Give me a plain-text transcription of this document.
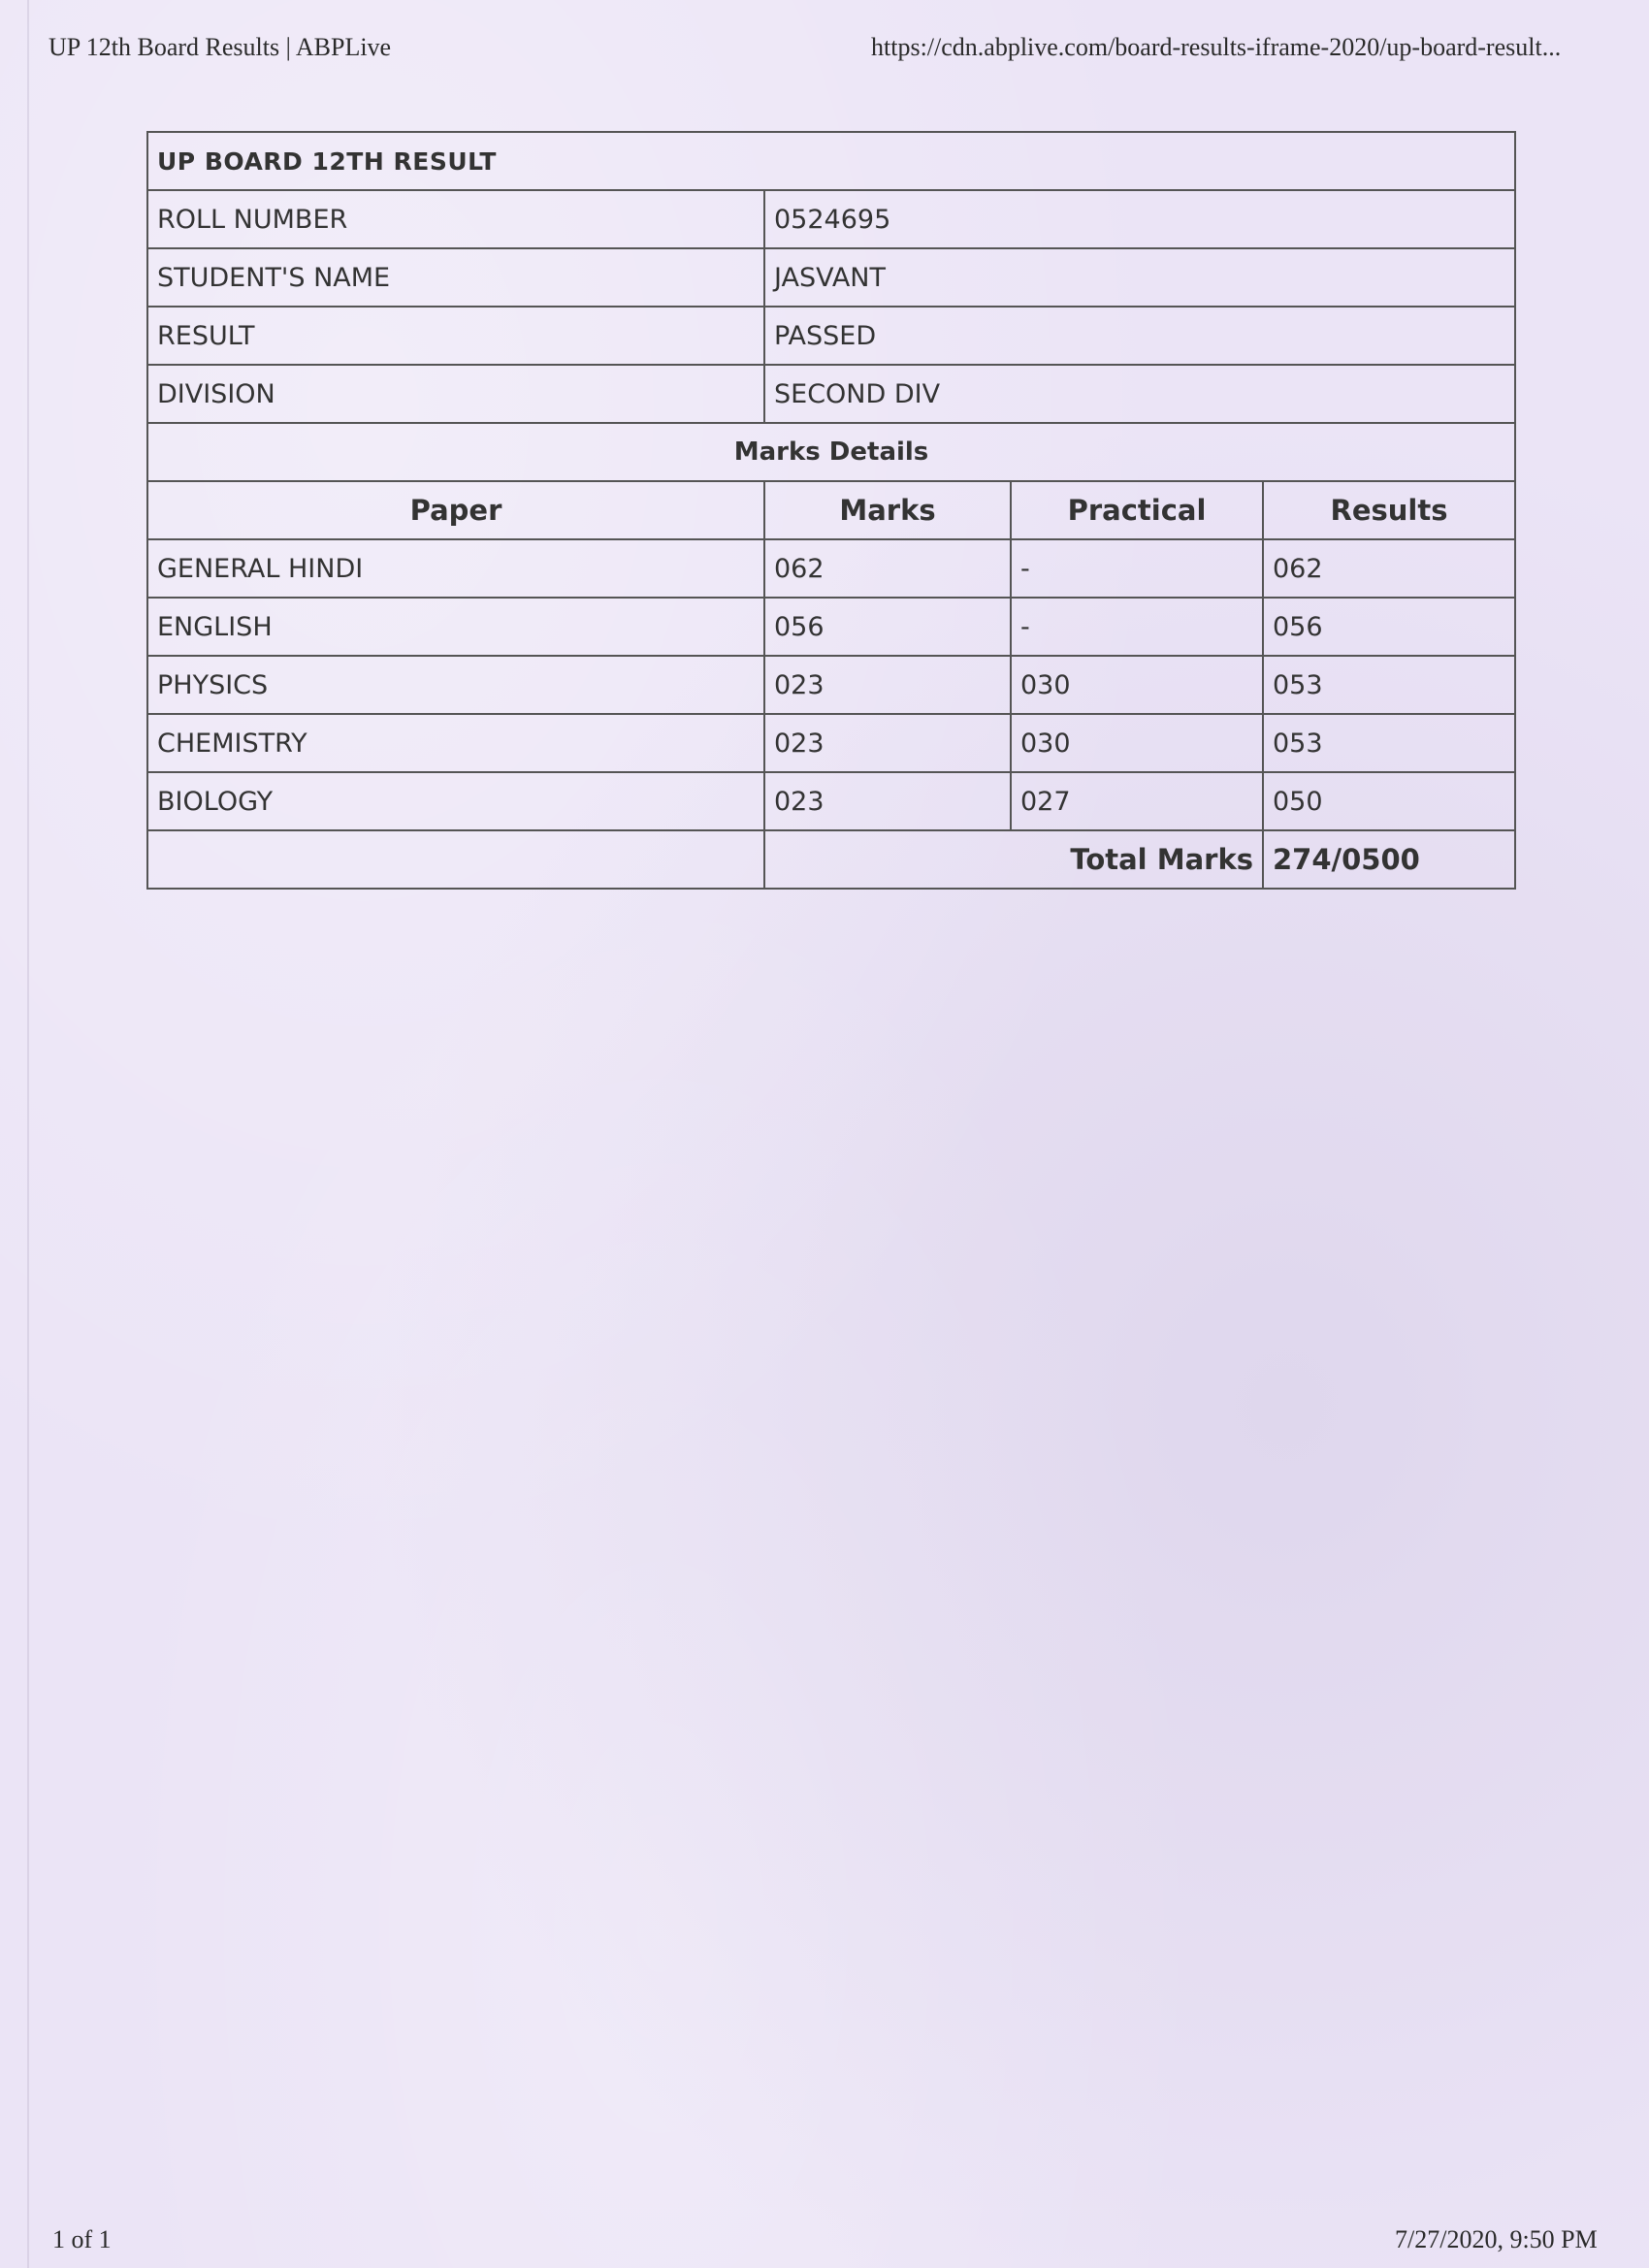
UP 12th Board Results | ABPLive	https://cdn.abplive.com/board-results-iframe-2020/up-board-result...
UP BOARD 12TH RESULT			
ROLL NUMBER	0524695		
STUDENT'S NAME	JASVANT		
RESULT	PASSED		
DIVISION	SECOND DIV		
Marks Details			
Paper	Marks	Practical	Results
GENERAL HINDI	062	-	062
ENGLISH	056	-	056
PHYSICS	023	030	053
CHEMISTRY	023	030	053
BIOLOGY	023	027	050
	Total Marks		274/0500
1 of 1	7/27/2020, 9:50 PM
